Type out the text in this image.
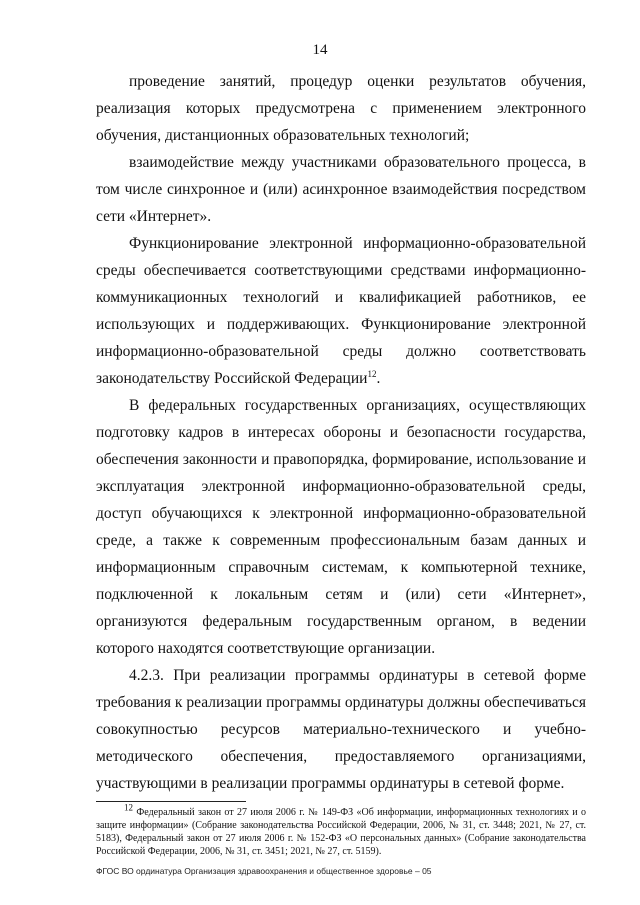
14

проведение занятий, процедур оценки результатов обучения, реализация которых предусмотрена с применением электронного обучения, дистанционных образовательных технологий;

взаимодействие между участниками образовательного процесса, в том числе синхронное и (или) асинхронное взаимодействия посредством сети «Интернет».

Функционирование электронной информационно-образовательной среды обеспечивается соответствующими средствами информационно-коммуникационных технологий и квалификацией работников, ее использующих и поддерживающих. Функционирование электронной информационно-образовательной среды должно соответствовать законодательству Российской Федерации$^{12}$.

В федеральных государственных организациях, осуществляющих подготовку кадров в интересах обороны и безопасности государства, обеспечения законности и правопорядка, формирование, использование и эксплуатация электронной информационно-образовательной среды, доступ обучающихся к электронной информационно-образовательной среде, а также к современным профессиональным базам данных и информационным справочным системам, к компьютерной технике, подключенной к локальным сетям и (или) сети «Интернет», организуются федеральным государственным органом, в ведении которого находятся соответствующие организации.

4.2.3. При реализации программы ординатуры в сетевой форме требования к реализации программы ординатуры должны обеспечиваться совокупностью ресурсов материально-технического и учебно-методического обеспечения, предоставляемого организациями, участвующими в реализации программы ординатуры в сетевой форме.

$^{12}$ Федеральный закон от 27 июля 2006 г. № 149-ФЗ «Об информации, информационных технологиях и о защите информации» (Собрание законодательства Российской Федерации, 2006, № 31, ст. 3448; 2021, № 27, ст. 5183), Федеральный закон от 27 июля 2006 г. № 152-ФЗ «О персональных данных» (Собрание законодательства Российской Федерации, 2006, № 31, ст. 3451; 2021, № 27, ст. 5159).

ФГОС ВО ординатура Организация здравоохранения и общественное здоровье – 05
